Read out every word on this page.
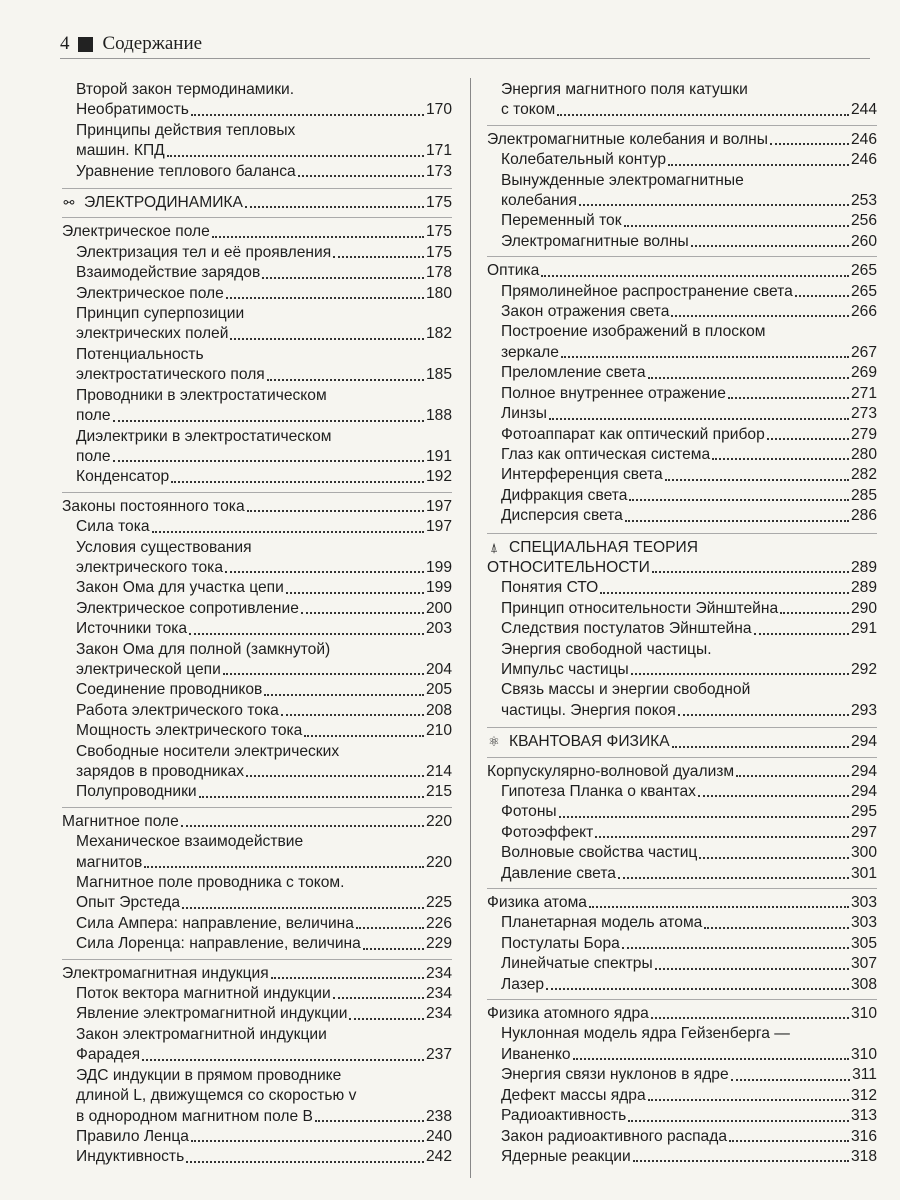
4 Содержание
Второй закон термодинамики.
Необратимость	170
Принципы действия тепловых
машин. КПД	171
Уравнение теплового баланса	173
⚯ ЭЛЕКТРОДИНАМИКА	175
Электрическое поле	175
Электризация тел и её проявления	175
Взаимодействие зарядов	178
Электрическое поле	180
Принцип суперпозиции
электрических полей	182
Потенциальность
электростатического поля	185
Проводники в электростатическом
поле	188
Диэлектрики в электростатическом
поле	191
Конденсатор	192
Законы постоянного тока	197
Сила тока	197
Условия существования
электрического тока	199
Закон Ома для участка цепи	199
Электрическое сопротивление	200
Источники тока	203
Закон Ома для полной (замкнутой)
электрической цепи	204
Соединение проводников	205
Работа электрического тока	208
Мощность электрического тока	210
Свободные носители электрических
зарядов в проводниках	214
Полупроводники	215
Магнитное поле	220
Механическое взаимодействие
магнитов	220
Магнитное поле проводника с током.
Опыт Эрстеда	225
Сила Ампера: направление, величина	226
Сила Лоренца: направление, величина	229
Электромагнитная индукция	234
Поток вектора магнитной индукции	234
Явление электромагнитной индукции	234
Закон электромагнитной индукции
Фарадея	237
ЭДС индукции в прямом проводнике
длиной L, движущемся со скоростью v
в однородном магнитном поле B	238
Правило Ленца	240
Индуктивность	242
Энергия магнитного поля катушки
с током	244
Электромагнитные колебания и волны	246
Колебательный контур	246
Вынужденные электромагнитные
колебания	253
Переменный ток	256
Электромагнитные волны	260
Оптика	265
Прямолинейное распространение света	265
Закон отражения света	266
Построение изображений в плоском
зеркале	267
Преломление света	269
Полное внутреннее отражение	271
Линзы	273
Фотоаппарат как оптический прибор	279
Глаз как оптическая система	280
Интерференция света	282
Дифракция света	285
Дисперсия света	286
⍋ СПЕЦИАЛЬНАЯ ТЕОРИЯ
ОТНОСИТЕЛЬНОСТИ	289
Понятия СТО	289
Принцип относительности Эйнштейна	290
Следствия постулатов Эйнштейна	291
Энергия свободной частицы.
Импульс частицы	292
Связь массы и энергии свободной
частицы. Энергия покоя	293
⚛ КВАНТОВАЯ ФИЗИКА	294
Корпускулярно-волновой дуализм	294
Гипотеза Планка о квантах	294
Фотоны	295
Фотоэффект	297
Волновые свойства частиц	300
Давление света	301
Физика атома	303
Планетарная модель атома	303
Постулаты Бора	305
Линейчатые спектры	307
Лазер	308
Физика атомного ядра	310
Нуклонная модель ядра Гейзенберга —
Иваненко	310
Энергия связи нуклонов в ядре	311
Дефект массы ядра	312
Радиоактивность	313
Закон радиоактивного распада	316
Ядерные реакции	318
